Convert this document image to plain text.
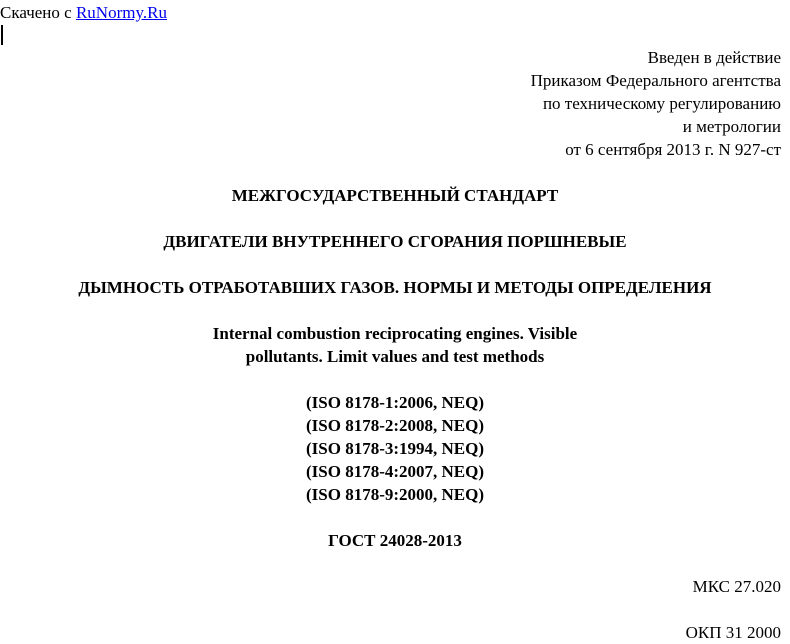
Скачено с RuNormy.Ru
Введен в действие
Приказом Федерального агентства
по техническому регулированию
и метрологии
от 6 сентября 2013 г. N 927-ст
МЕЖГОСУДАРСТВЕННЫЙ СТАНДАРТ
ДВИГАТЕЛИ ВНУТРЕННЕГО СГОРАНИЯ ПОРШНЕВЫЕ
ДЫМНОСТЬ ОТРАБОТАВШИХ ГАЗОВ. НОРМЫ И МЕТОДЫ ОПРЕДЕЛЕНИЯ
Internal combustion reciprocating engines. Visible
pollutants. Limit values and test methods
(ISO 8178-1:2006, NEQ)
(ISO 8178-2:2008, NEQ)
(ISO 8178-3:1994, NEQ)
(ISO 8178-4:2007, NEQ)
(ISO 8178-9:2000, NEQ)
ГОСТ 24028-2013
МКС 27.020
ОКП 31 2000
